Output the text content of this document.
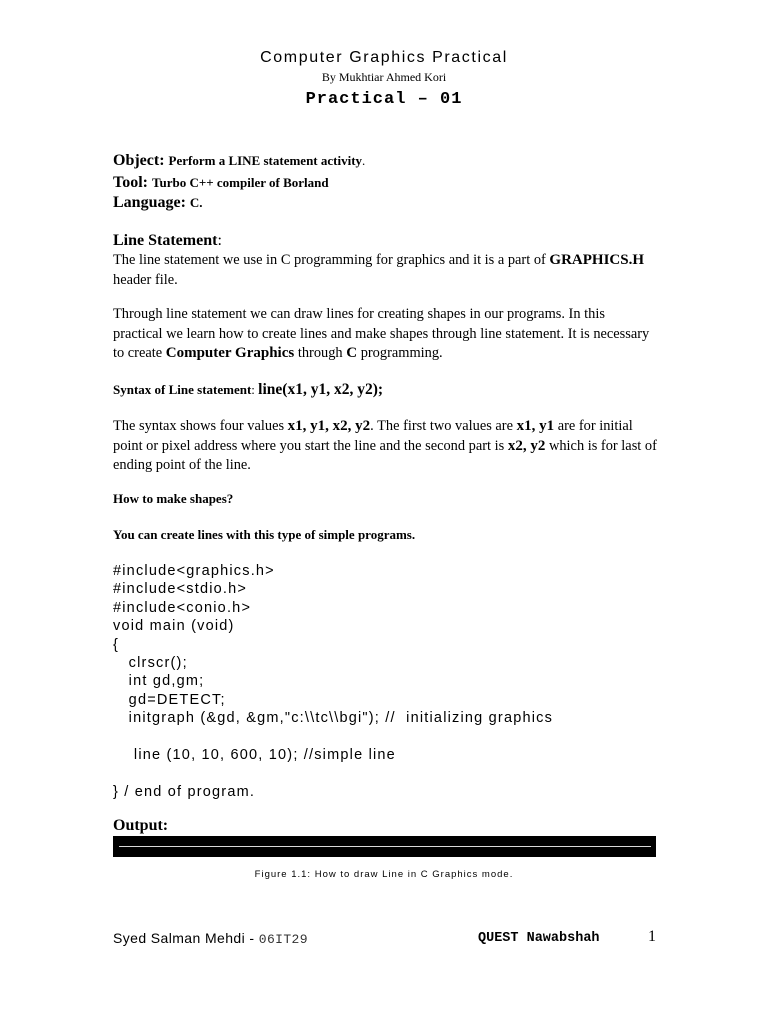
Computer Graphics Practical
By Mukhtiar Ahmed Kori
Practical – 01
Object: Perform a LINE statement activity.
Tool: Turbo C++ compiler of Borland
Language: C.
Line Statement:
The line statement we use in C programming for graphics and it is a part of GRAPHICS.H header file.
Through line statement we can draw lines for creating shapes in our programs. In this practical we learn how to create lines and make shapes through line statement. It is necessary to create Computer Graphics through C programming.
Syntax of Line statement: line(x1, y1, x2, y2);
The syntax shows four values x1, y1, x2, y2. The first two values are x1, y1 are for initial point or pixel address where you start the line and the second part is x2, y2 which is for last of ending point of the line.
How to make shapes?
You can create lines with this type of simple programs.
#include<graphics.h>
#include<stdio.h>
#include<conio.h>
void main (void)
{
clrscr();
int gd,gm;
gd=DETECT;
initgraph (&gd, &gm,"c:\\tc\\bgi"); //  initializing graphics

line (10, 10, 600, 10); //simple line

} / end of program.

Output:
Figure 1.1: How to draw Line in C Graphics mode.
Syed Salman Mehdi - 06IT29	QUEST Nawabshah	1
